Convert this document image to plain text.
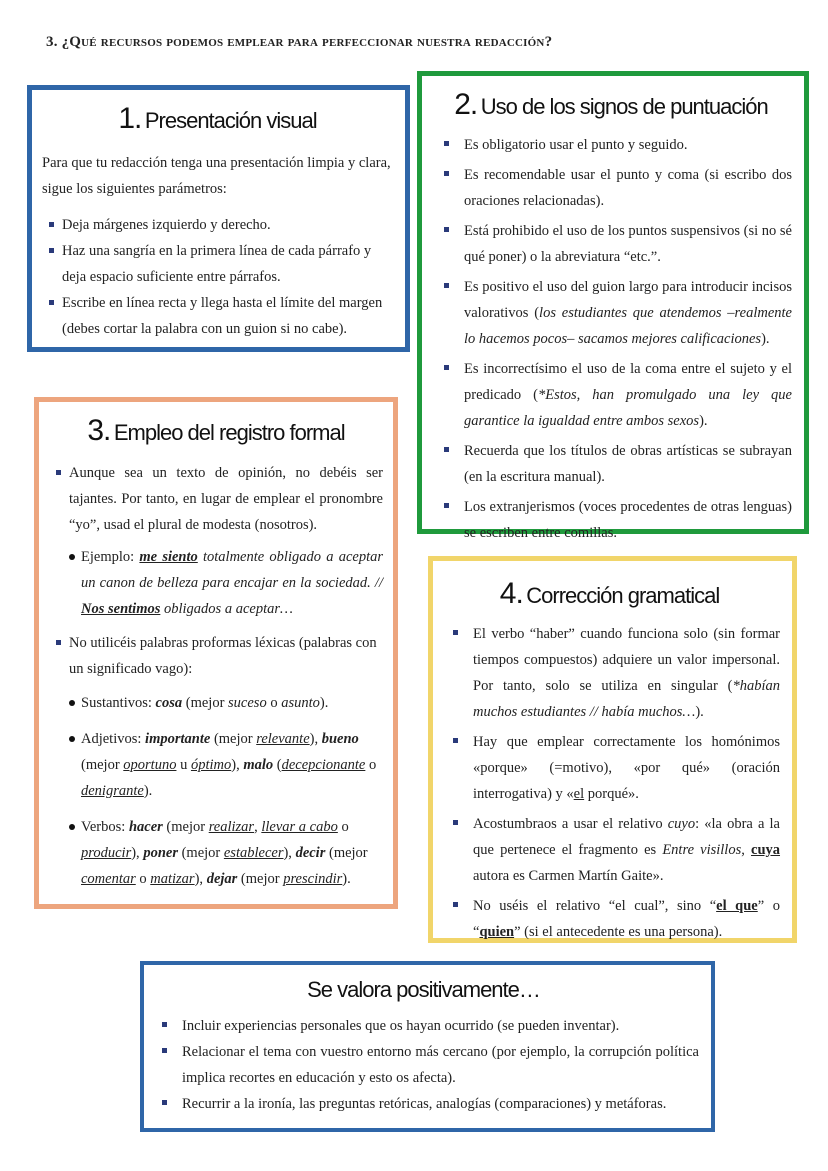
3. ¿Qué recursos podemos emplear para perfeccionar nuestra redacción?
1. Presentación visual

Para que tu redacción tenga una presentación limpia y clara, sigue los siguientes parámetros:

Deja márgenes izquierdo y derecho.
Haz una sangría en la primera línea de cada párrafo y deja espacio suficiente entre párrafos.
Escribe en línea recta y llega hasta el límite del margen (debes cortar la palabra con un guion si no cabe).
2. Uso de los signos de puntuación
Es obligatorio usar el punto y seguido.
Es recomendable usar el punto y coma (si escribo dos oraciones relacionadas).
Está prohibido el uso de los puntos suspensivos (si no sé qué poner) o la abreviatura “etc.”.
Es positivo el uso del guion largo para introducir incisos valorativos (los estudiantes que atendemos –realmente lo hacemos pocos– sacamos mejores calificaciones).
Es incorrectísimo el uso de la coma entre el sujeto y el predicado (*Estos, han promulgado una ley que garantice la igualdad entre ambos sexos).
Recuerda que los títulos de obras artísticas se subrayan (en la escritura manual).
Los extranjerismos (voces procedentes de otras lenguas) se escriben entre comillas.
3. Empleo del registro formal
Aunque sea un texto de opinión, no debéis ser tajantes. Por tanto, en lugar de emplear el pronombre “yo”, usad el plural de modesta (nosotros).
Ejemplo: me siento totalmente obligado a aceptar un canon de belleza para encajar en la sociedad. // Nos sentimos obligados a aceptar…
No utilicéis palabras proformas léxicas (palabras con un significado vago):
Sustantivos: cosa (mejor suceso o asunto).
Adjetivos: importante (mejor relevante), bueno (mejor oportuno u óptimo), malo (decepcionante o denigrante).
Verbos: hacer (mejor realizar, llevar a cabo o producir), poner (mejor establecer), decir (mejor comentar o matizar), dejar (mejor prescindir).
4. Corrección gramatical
El verbo “haber” cuando funciona solo (sin formar tiempos compuestos) adquiere un valor impersonal. Por tanto, solo se utiliza en singular (*habían muchos estudiantes // había muchos…).
Hay que emplear correctamente los homónimos «porque» (=motivo), «por qué» (oración interrogativa) y «el porqué».
Acostumbraos a usar el relativo cuyo: «la obra a la que pertenece el fragmento es Entre visillos, cuya autora es Carmen Martín Gaite».
No uséis el relativo “el cual”, sino “el que” o “quien” (si el antecedente es una persona).
Se valora positivamente…
Incluir experiencias personales que os hayan ocurrido (se pueden inventar).
Relacionar el tema con vuestro entorno más cercano (por ejemplo, la corrupción política implica recortes en educación y esto os afecta).
Recurrir a la ironía, las preguntas retóricas, analogías (comparaciones) y metáforas.
